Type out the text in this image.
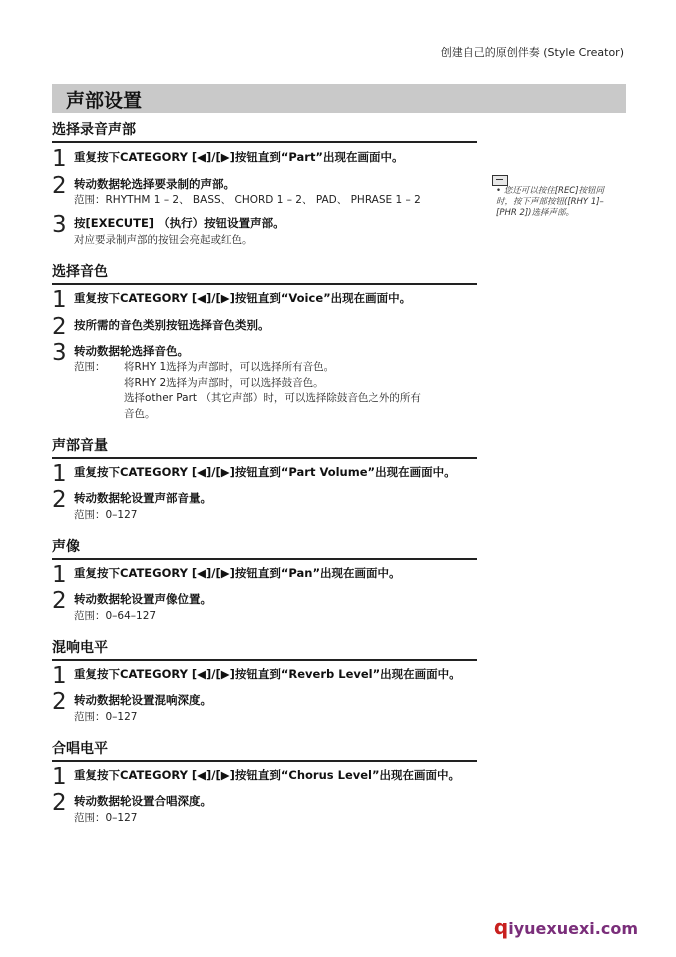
创建自己的原创伴奏 (Style Creator)
声部设置
选择录音声部
1 重复按下CATEGORY [◀]/[▶]按钮直到“Part”出现在画面中。
2 转动数据轮选择要录制的声部。
范围：RHYTHM 1 – 2、 BASS、 CHORD 1 – 2、 PAD、 PHRASE 1 – 2
3 按[EXECUTE] （执行）按钮设置声部。
对应要录制声部的按钮会亮起或红色。
• 您还可以按住[REC]按钮同
时，按下声部按钮([RHY 1]–
[PHR 2])选择声部。
选择音色
1 重复按下CATEGORY [◀]/[▶]按钮直到“Voice”出现在画面中。
2 按所需的音色类别按钮选择音色类别。
3 转动数据轮选择音色。
范围： 将RHY 1选择为声部时，可以选择所有音色。
将RHY 2选择为声部时，可以选择鼓音色。
选择other Part （其它声部）时，可以选择除鼓音色之外的所有
音色。
声部音量
1 重复按下CATEGORY [◀]/[▶]按钮直到“Part Volume”出现在画面中。
2 转动数据轮设置声部音量。
范围：0–127
声像
1 重复按下CATEGORY [◀]/[▶]按钮直到“Pan”出现在画面中。
2 转动数据轮设置声像位置。
范围：0–64–127
混响电平
1 重复按下CATEGORY [◀]/[▶]按钮直到“Reverb Level”出现在画面中。
2 转动数据轮设置混响深度。
范围：0–127
合唱电平
1 重复按下CATEGORY [◀]/[▶]按钮直到“Chorus Level”出现在画面中。
2 转动数据轮设置合唱深度。
范围：0–127
qiyuexuexi.com
